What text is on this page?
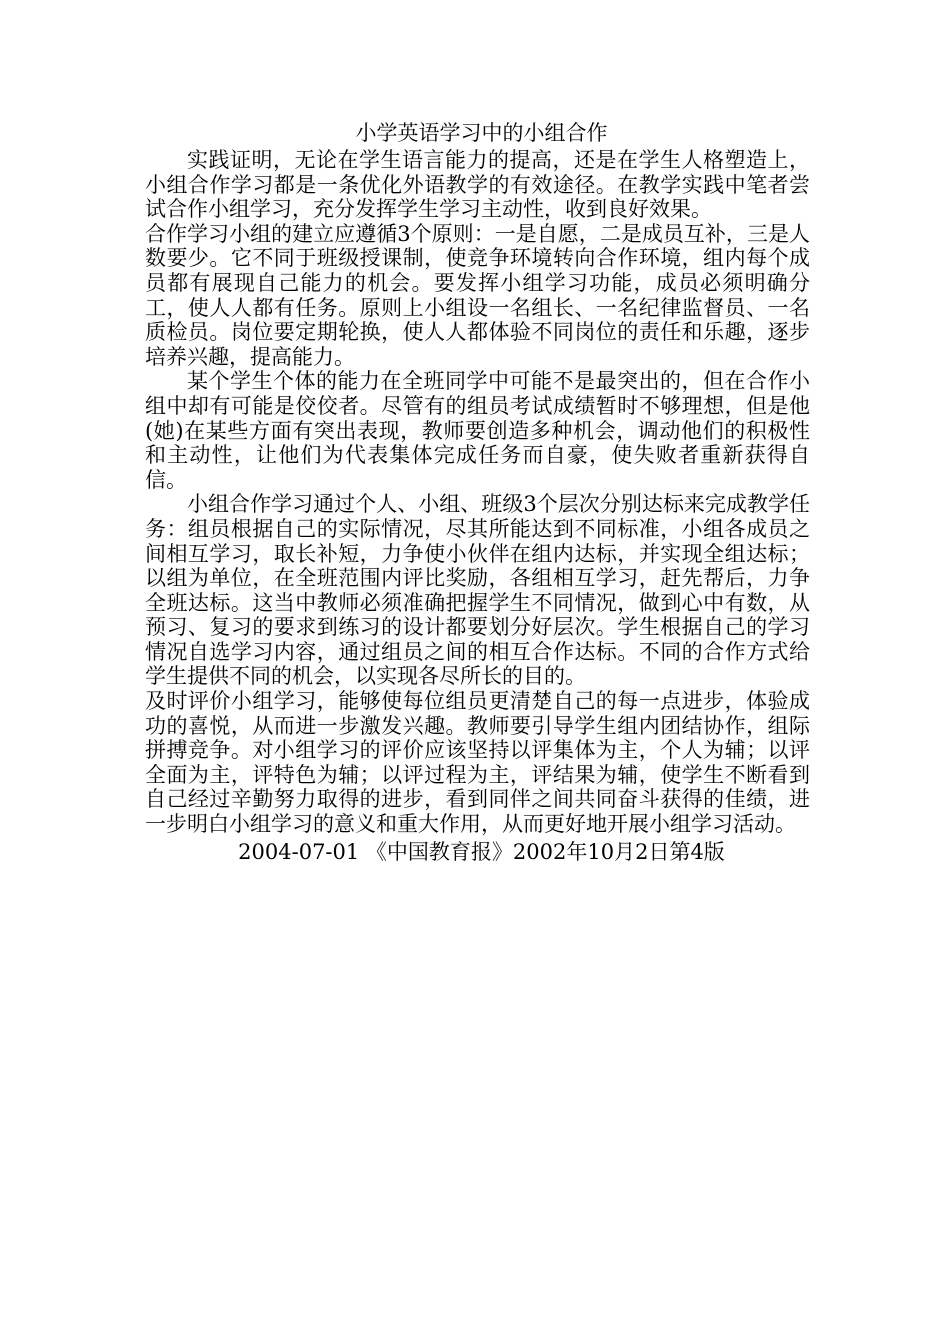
小学英语学习中的小组合作

实践证明，无论在学生语言能力的提高，还是在学生人格塑造上，小组合作学习都是一条优化外语教学的有效途径。在教学实践中笔者尝试合作小组学习，充分发挥学生学习主动性，收到良好效果。

合作学习小组的建立应遵循3个原则：一是自愿，二是成员互补，三是人数要少。它不同于班级授课制，使竞争环境转向合作环境，组内每个成员都有展现自己能力的机会。要发挥小组学习功能，成员必须明确分工，使人人都有任务。原则上小组设一名组长、一名纪律监督员、一名质检员。岗位要定期轮换，使人人都体验不同岗位的责任和乐趣，逐步培养兴趣，提高能力。

某个学生个体的能力在全班同学中可能不是最突出的，但在合作小组中却有可能是佼佼者。尽管有的组员考试成绩暂时不够理想，但是他(她)在某些方面有突出表现，教师要创造多种机会，调动他们的积极性和主动性，让他们为代表集体完成任务而自豪，使失败者重新获得自信。

小组合作学习通过个人、小组、班级3个层次分别达标来完成教学任务：组员根据自己的实际情况，尽其所能达到不同标准，小组各成员之间相互学习，取长补短，力争使小伙伴在组内达标，并实现全组达标；以组为单位，在全班范围内评比奖励，各组相互学习，赶先帮后，力争全班达标。这当中教师必须准确把握学生不同情况，做到心中有数，从预习、复习的要求到练习的设计都要划分好层次。学生根据自己的学习情况自选学习内容，通过组员之间的相互合作达标。不同的合作方式给学生提供不同的机会，以实现各尽所长的目的。

及时评价小组学习，能够使每位组员更清楚自己的每一点进步，体验成功的喜悦，从而进一步激发兴趣。教师要引导学生组内团结协作，组际拼搏竞争。对小组学习的评价应该坚持以评集体为主，个人为辅；以评全面为主，评特色为辅；以评过程为主，评结果为辅，使学生不断看到自己经过辛勤努力取得的进步，看到同伴之间共同奋斗获得的佳绩，进一步明白小组学习的意义和重大作用，从而更好地开展小组学习活动。

2004-07-01 《中国教育报》2002年10月2日第4版
